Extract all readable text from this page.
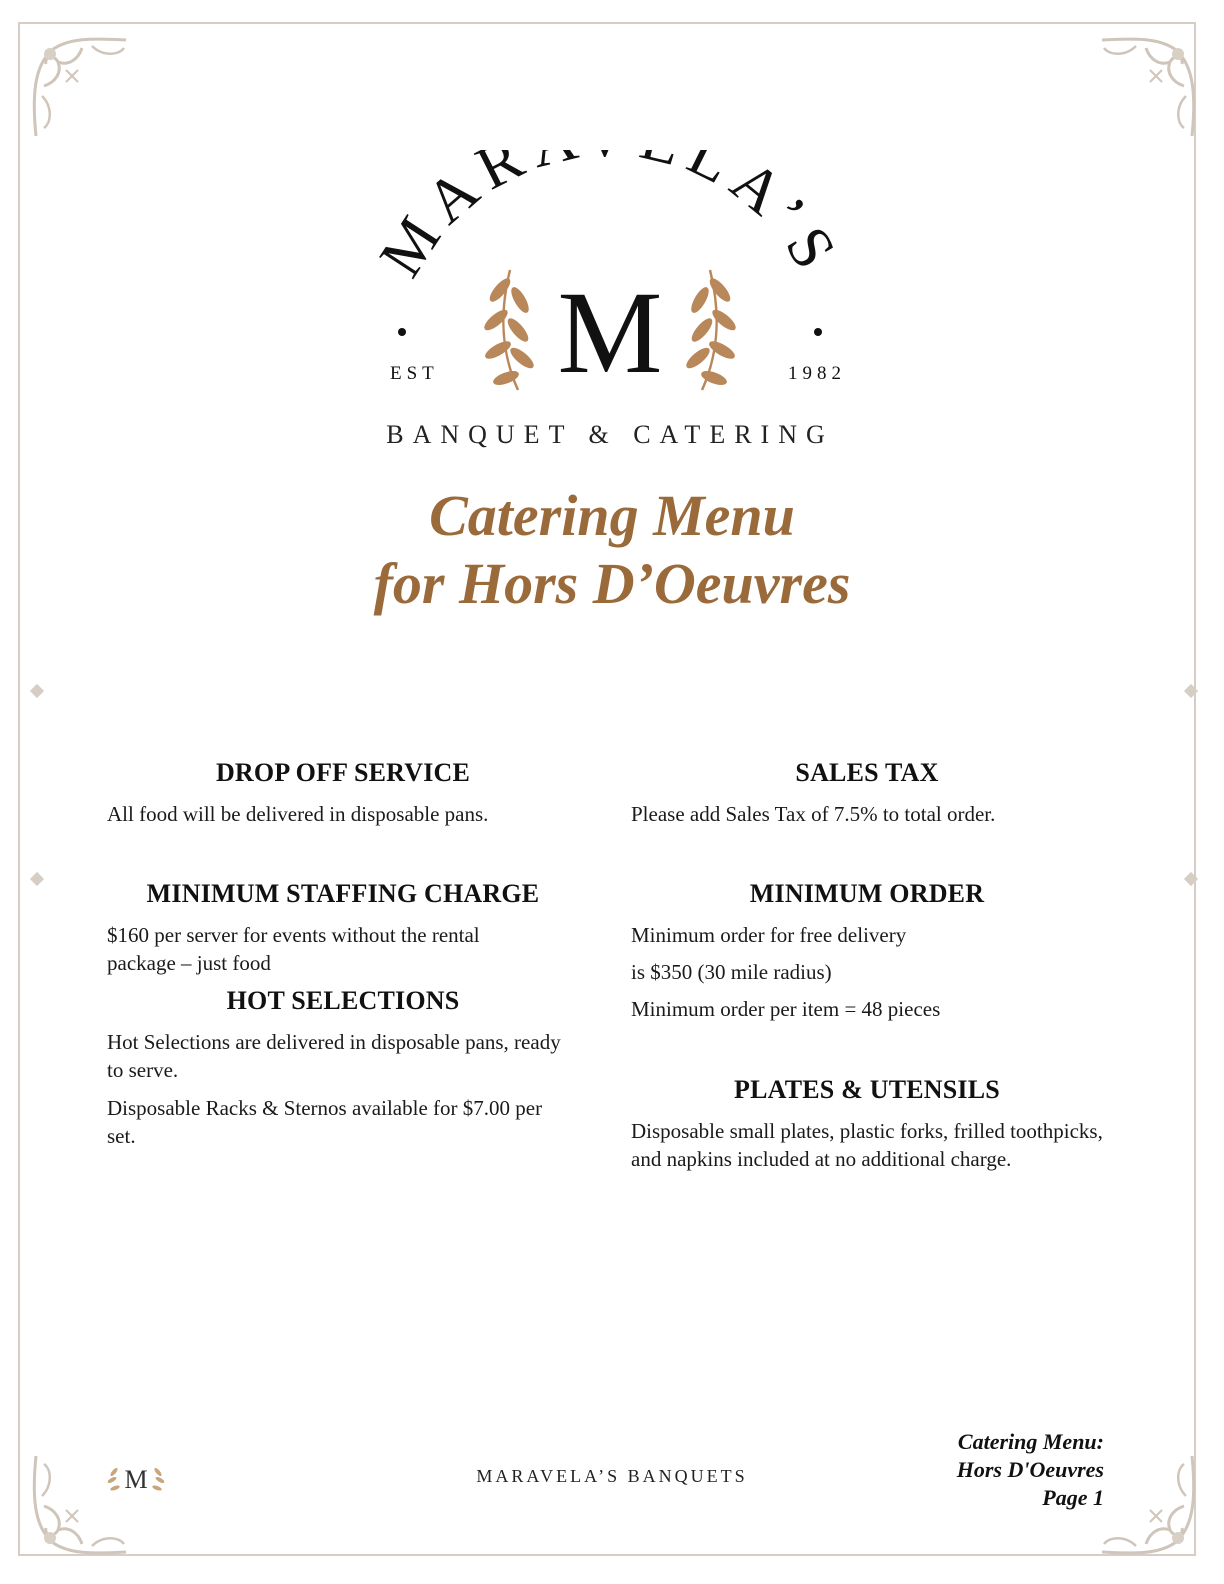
MAR LA’S
EST	1982
M
BANQUET & CATERING
Catering Menu
for Hors D’Oeuvres
DROP OFF SERVICE

All food will be delivered in disposable pans.

MINIMUM STAFFING CHARGE

$160 per server for events without the rental package – just food

HOT SELECTIONS

Hot Selections are delivered in disposable pans, ready to serve.

Disposable Racks & Sternos available for $7.00 per set.

SALES TAX

Please add Sales Tax of 7.5% to total order.

MINIMUM ORDER

Minimum order for free delivery

is $350 (30 mile radius)

Minimum order per item = 48 pieces

PLATES & UTENSILS

Disposable small plates, plastic forks, frilled toothpicks, and napkins included at no additional charge.

M	MARAVELA’S BANQUETS
Catering Menu:
Hors D'Oeuvres
Page 1
